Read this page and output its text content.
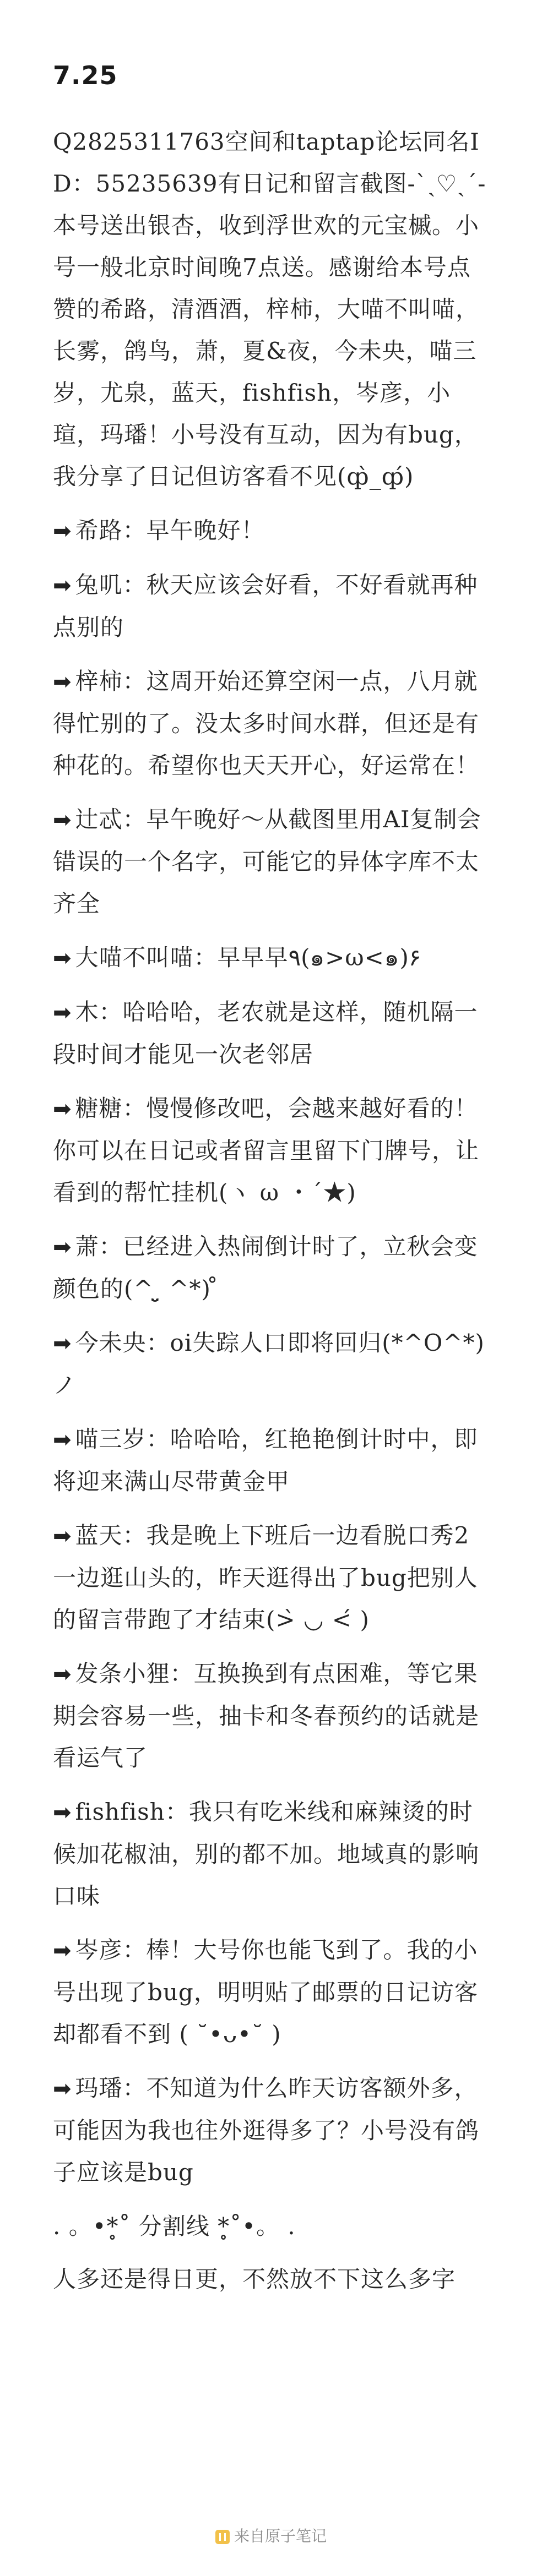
7.25

Q2825311763空间和taptap论坛同名ID：55235639有日记和留言截图-ˋˏ♡ˎˊ-本号送出银杏，收到浮世欢的元宝槭。小号一般北京时间晚7点送。感谢给本号点赞的希路，清酒酒，梓柿，大喵不叫喵，长雾，鸽鸟，萧，夏&夜，今未央，喵三岁，尤泉，蓝天，fishfish，岑彦，小瑄，玛璠！小号没有互动，因为有bug，我分享了日记但访客看不见(ȹ̀_ȹ́)

➡ 希路：早午晚好！

➡ 兔叽：秋天应该会好看，不好看就再种点别的

➡ 梓柿：这周开始还算空闲一点，八月就得忙别的了。没太多时间水群，但还是有种花的。希望你也天天开心，好运常在！

➡ 辻忒：早午晚好～从截图里用AI复制会错误的一个名字，可能它的异体字库不太齐全

➡ 大喵不叫喵：早早早٩(๑>ω<๑)۶

➡ 木：哈哈哈，老农就是这样，随机隔一段时间才能见一次老邻居

➡ 糖糖：慢慢修改吧，会越来越好看的！你可以在日记或者留言里留下门牌号，让看到的帮忙挂机(ヽ ω ・´★)

➡ 萧：已经进入热闹倒计时了，立秋会变颜色的(^ ̤̮ ^*) ̊

➡ 今未央：oi失踪人口即将回归(*^O^*)ノ

➡ 喵三岁：哈哈哈，红艳艳倒计时中，即将迎来满山尽带黄金甲

➡ 蓝天：我是晚上下班后一边看脱口秀2一边逛山头的，昨天逛得出了bug把别人的留言带跑了才结束(>̀ ◡ <́ )

➡ 发条小狸：互换换到有点困难，等它果期会容易一些，抽卡和冬春预约的话就是看运气了

➡ fishfish：我只有吃米线和麻辣烫的时候加花椒油，别的都不加。地域真的影响口味

➡ 岑彦：棒！大号你也能飞到了。我的小号出现了bug，明明贴了邮票的日记访客却都看不到 ( ˘•ᴗ•˘ )

➡ 玛璠：不知道为什么昨天访客额外多，可能因为我也往外逛得多了？小号没有鸽子应该是bug

. 。•*̥˚ 分割线 *̥˚•。 .

人多还是得日更，不然放不下这么多字

来自原子笔记
